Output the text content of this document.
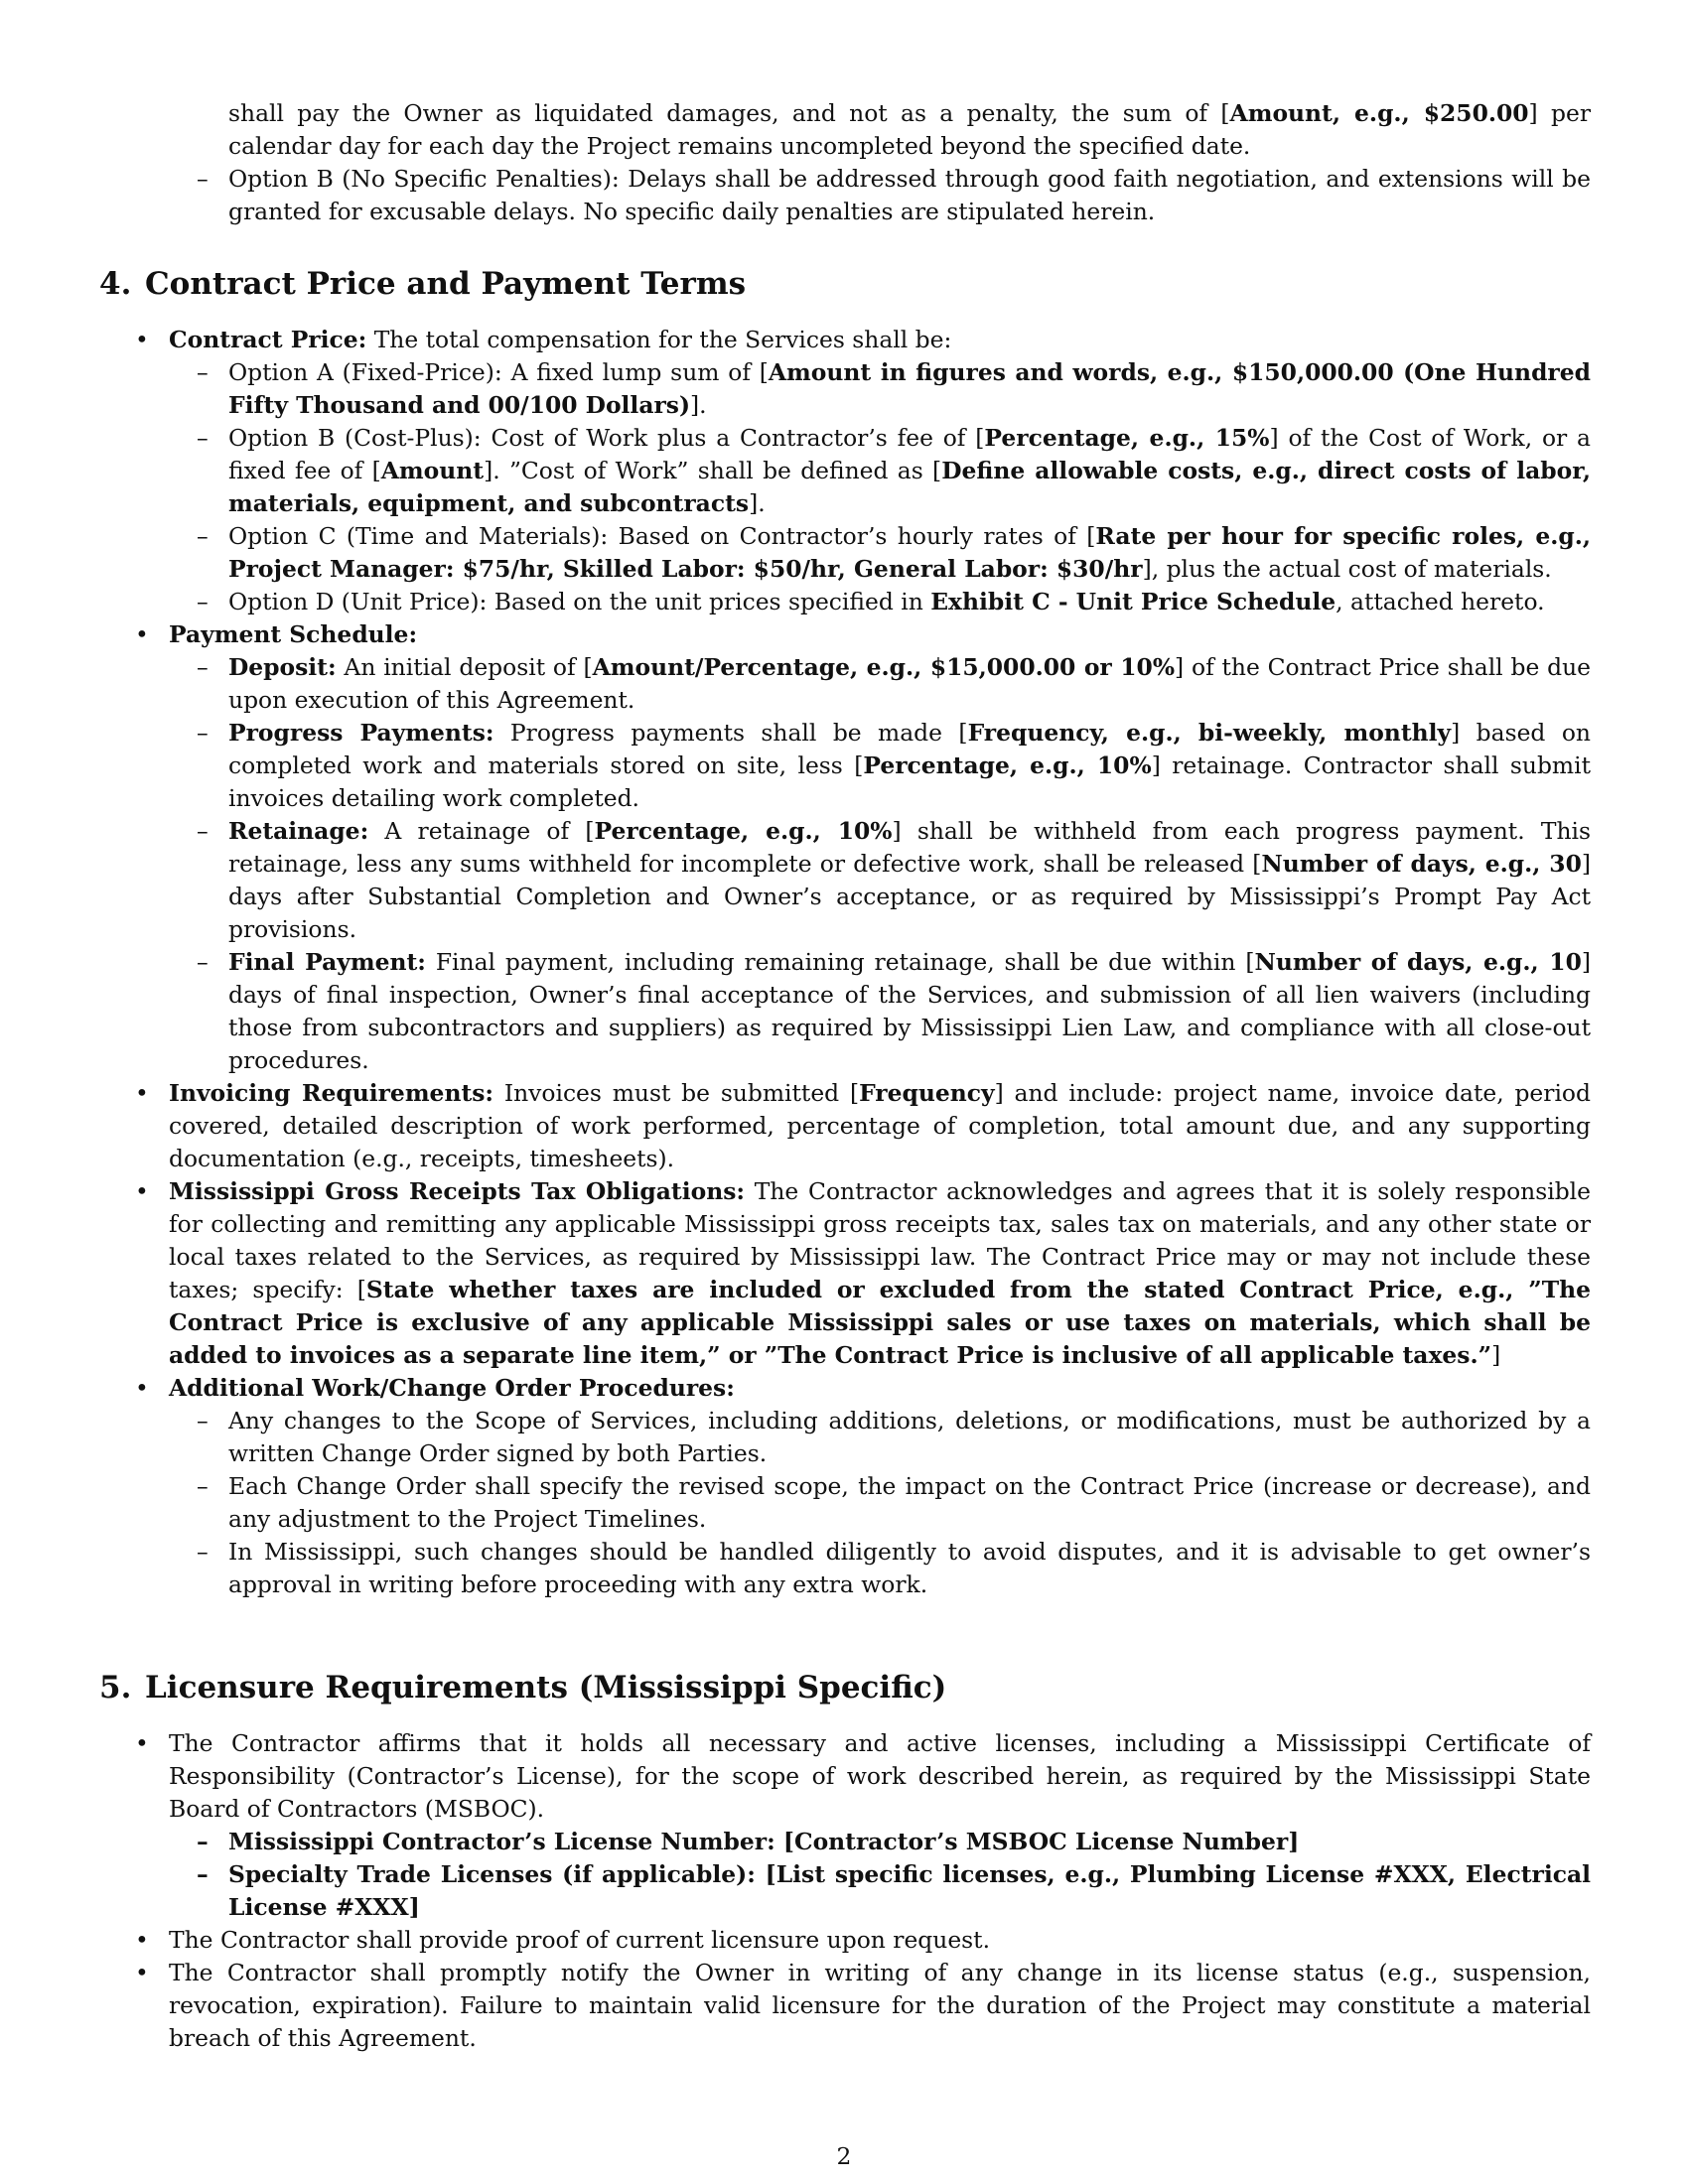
shall pay the Owner as liquidated damages, and not as a penalty, the sum of [Amount, e.g., $250.00] per calendar day for each day the Project remains uncompleted beyond the specified date.
– Option B (No Specific Penalties): Delays shall be addressed through good faith negotiation, and extensions will be granted for excusable delays. No specific daily penalties are stipulated herein.
4. Contract Price and Payment Terms
• Contract Price: The total compensation for the Services shall be:
– Option A (Fixed-Price): A fixed lump sum of [Amount in figures and words, e.g., $150,000.00 (One Hundred Fifty Thousand and 00/100 Dollars)].
– Option B (Cost-Plus): Cost of Work plus a Contractor’s fee of [Percentage, e.g., 15%] of the Cost of Work, or a fixed fee of [Amount]. ”Cost of Work” shall be defined as [Define allowable costs, e.g., direct costs of labor, materials, equipment, and subcontracts].
– Option C (Time and Materials): Based on Contractor’s hourly rates of [Rate per hour for specific roles, e.g., Project Manager: $75/hr, Skilled Labor: $50/hr, General Labor: $30/hr], plus the actual cost of materials.
– Option D (Unit Price): Based on the unit prices specified in Exhibit C - Unit Price Schedule, attached hereto.
• Payment Schedule:
– Deposit: An initial deposit of [Amount/Percentage, e.g., $15,000.00 or 10%] of the Contract Price shall be due upon execution of this Agreement.
– Progress Payments: Progress payments shall be made [Frequency, e.g., bi-weekly, monthly] based on completed work and materials stored on site, less [Percentage, e.g., 10%] retainage. Contractor shall submit invoices detailing work completed.
– Retainage: A retainage of [Percentage, e.g., 10%] shall be withheld from each progress payment. This retainage, less any sums withheld for incomplete or defective work, shall be released [Number of days, e.g., 30] days after Substantial Completion and Owner’s acceptance, or as required by Mississippi’s Prompt Pay Act provisions.
– Final Payment: Final payment, including remaining retainage, shall be due within [Number of days, e.g., 10] days of final inspection, Owner’s final acceptance of the Services, and submission of all lien waivers (including those from subcontractors and suppliers) as required by Mississippi Lien Law, and compliance with all close-out procedures.
• Invoicing Requirements: Invoices must be submitted [Frequency] and include: project name, invoice date, period covered, detailed description of work performed, percentage of completion, total amount due, and any supporting documentation (e.g., receipts, timesheets).
• Mississippi Gross Receipts Tax Obligations: The Contractor acknowledges and agrees that it is solely responsible for collecting and remitting any applicable Mississippi gross receipts tax, sales tax on materials, and any other state or local taxes related to the Services, as required by Mississippi law. The Contract Price may or may not include these taxes; specify: [State whether taxes are included or excluded from the stated Contract Price, e.g., ”The Contract Price is exclusive of any applicable Mississippi sales or use taxes on materials, which shall be added to invoices as a separate line item,” or ”The Contract Price is inclusive of all applicable taxes.”]
• Additional Work/Change Order Procedures:
– Any changes to the Scope of Services, including additions, deletions, or modifications, must be authorized by a written Change Order signed by both Parties.
– Each Change Order shall specify the revised scope, the impact on the Contract Price (increase or decrease), and any adjustment to the Project Timelines.
– In Mississippi, such changes should be handled diligently to avoid disputes, and it is advisable to get owner’s approval in writing before proceeding with any extra work.
5. Licensure Requirements (Mississippi Specific)
• The Contractor affirms that it holds all necessary and active licenses, including a Mississippi Certificate of Responsibility (Contractor’s License), for the scope of work described herein, as required by the Mississippi State Board of Contractors (MSBOC).
– Mississippi Contractor’s License Number: [Contractor’s MSBOC License Number]
– Specialty Trade Licenses (if applicable): [List specific licenses, e.g., Plumbing License #XXX, Electrical License #XXX]
• The Contractor shall provide proof of current licensure upon request.
• The Contractor shall promptly notify the Owner in writing of any change in its license status (e.g., suspension, revocation, expiration). Failure to maintain valid licensure for the duration of the Project may constitute a material breach of this Agreement.
2
